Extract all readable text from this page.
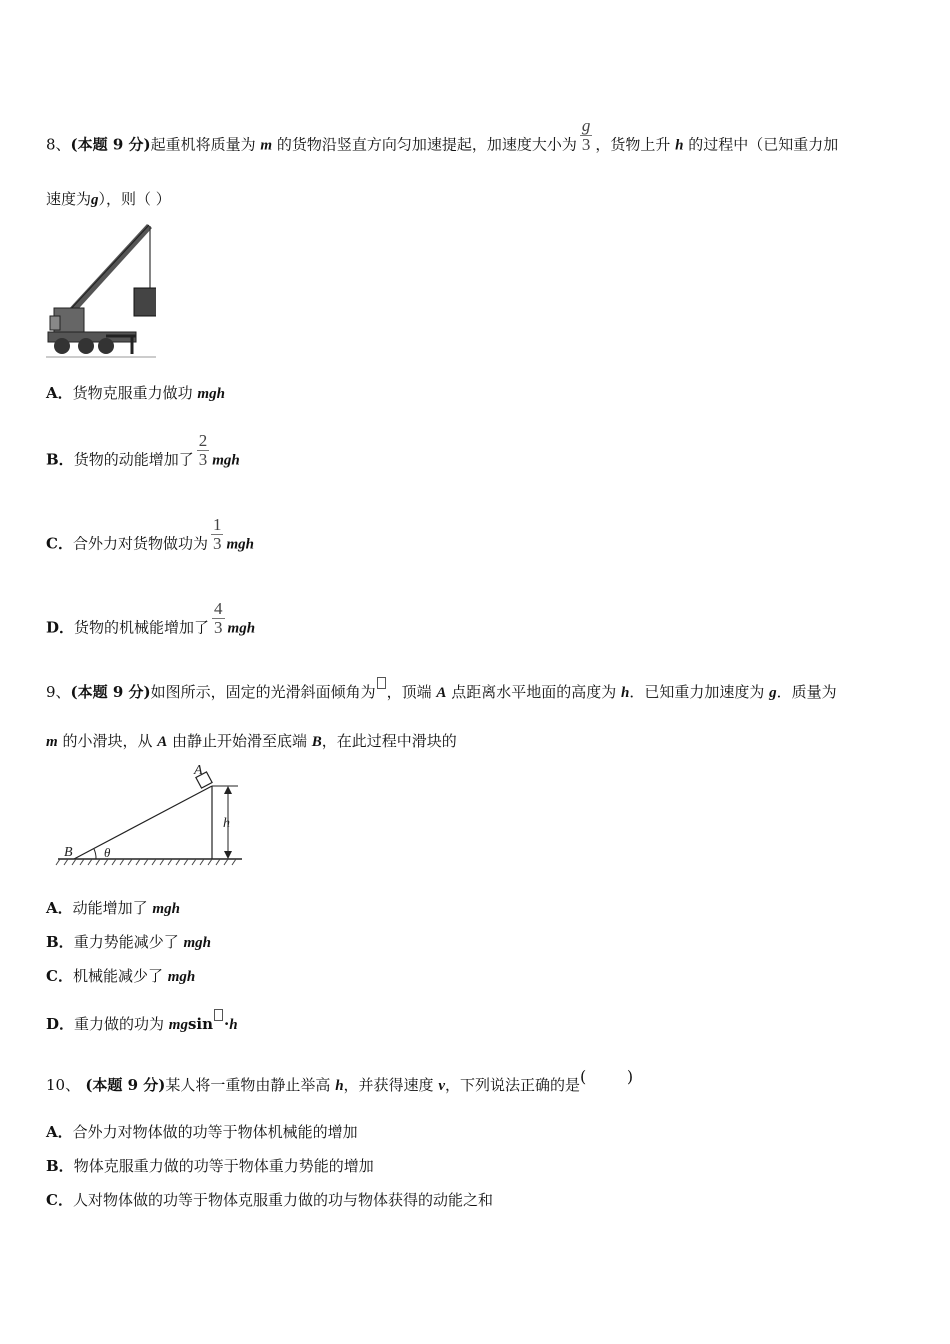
8、(本题 9 分)起重机将质量为 m 的货物沿竖直方向匀加速提起，加速度大小为 $\frac{g}{3}$ ，货物上升 h 的过程中（已知重力加
速度为g），则（ ）
A．货物克服重力做功 mgh
B．货物的动能增加了 $\frac{2}{3}$ mgh
C．合外力对货物做功为 $\frac{1}{3}$ mgh
D．货物的机械能增加了 $\frac{4}{3}$ mgh
9、(本题 9 分)如图所示，固定的光滑斜面倾角为 ，顶端 A 点距离水平地面的高度为 h．已知重力加速度为 g．质量为
m 的小滑块，从 A 由静止开始滑至底端 B，在此过程中滑块的
A
B θ
h
A．动能增加了 mgh
B．重力势能减少了 mgh
C．机械能减少了 mgh
D．重力做的功为 mgsin ·h
10、 (本题 9 分)某人将一重物由静止举高 h，并获得速度 v，下列说法正确的是(        )
A．合外力对物体做的功等于物体机械能的增加
B．物体克服重力做的功等于物体重力势能的增加
C．人对物体做的功等于物体克服重力做的功与物体获得的动能之和
